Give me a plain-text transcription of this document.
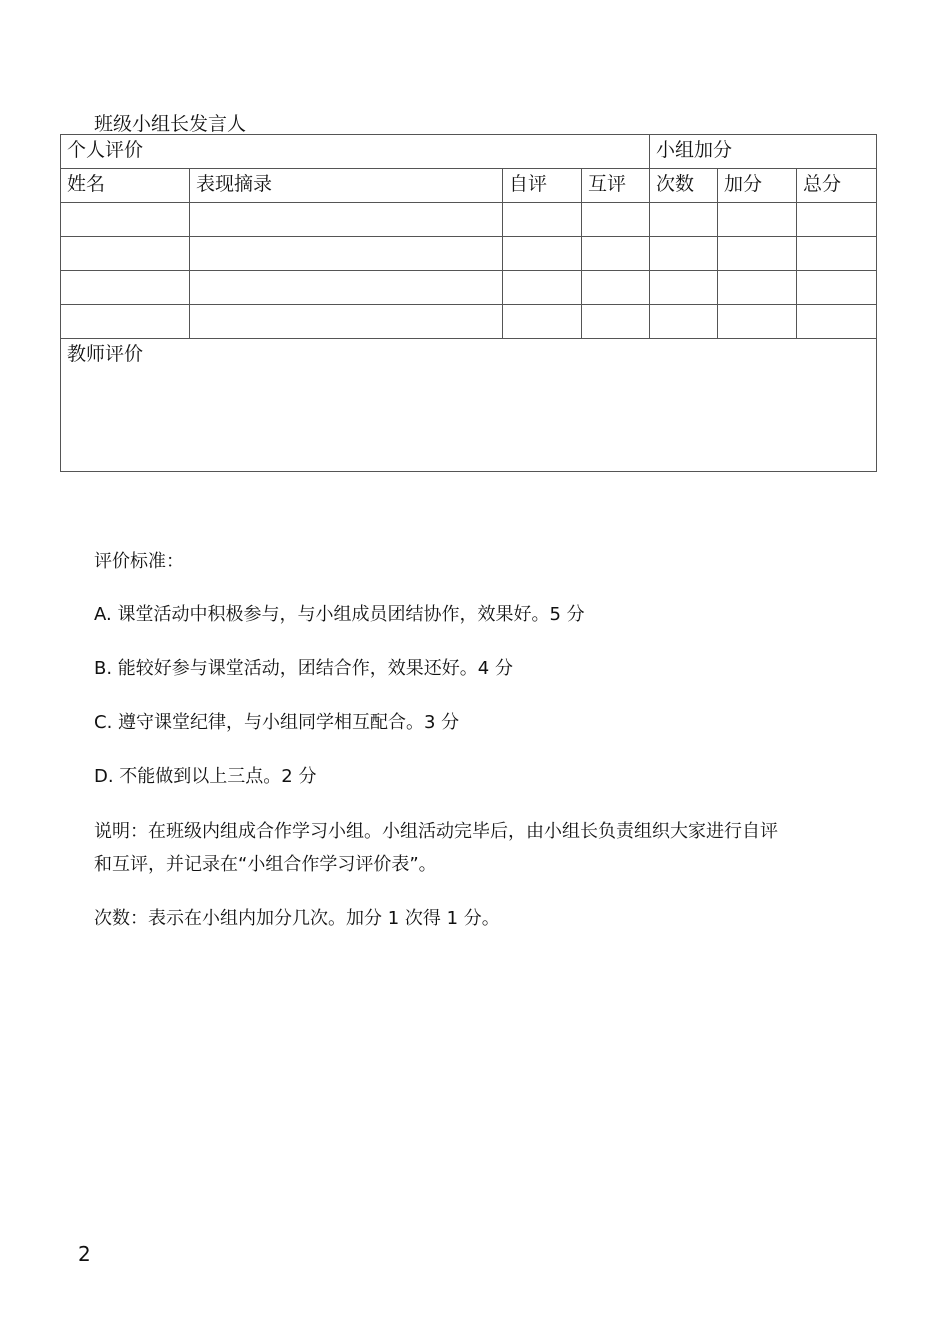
班级小组长发言人
个人评价				小组加分		
姓名	表现摘录	自评	互评	次数	加分	总分

教师评价						
评价标准：
A. 课堂活动中积极参与，与小组成员团结协作，效果好。5 分
B. 能较好参与课堂活动，团结合作，效果还好。4 分
C. 遵守课堂纪律，与小组同学相互配合。3 分
D. 不能做到以上三点。2 分
说明：在班级内组成合作学习小组。小组活动完毕后，由小组长负责组织大家进行自评
和互评，并记录在“小组合作学习评价表”。
次数：表示在小组内加分几次。加分 1 次得 1 分。
2
